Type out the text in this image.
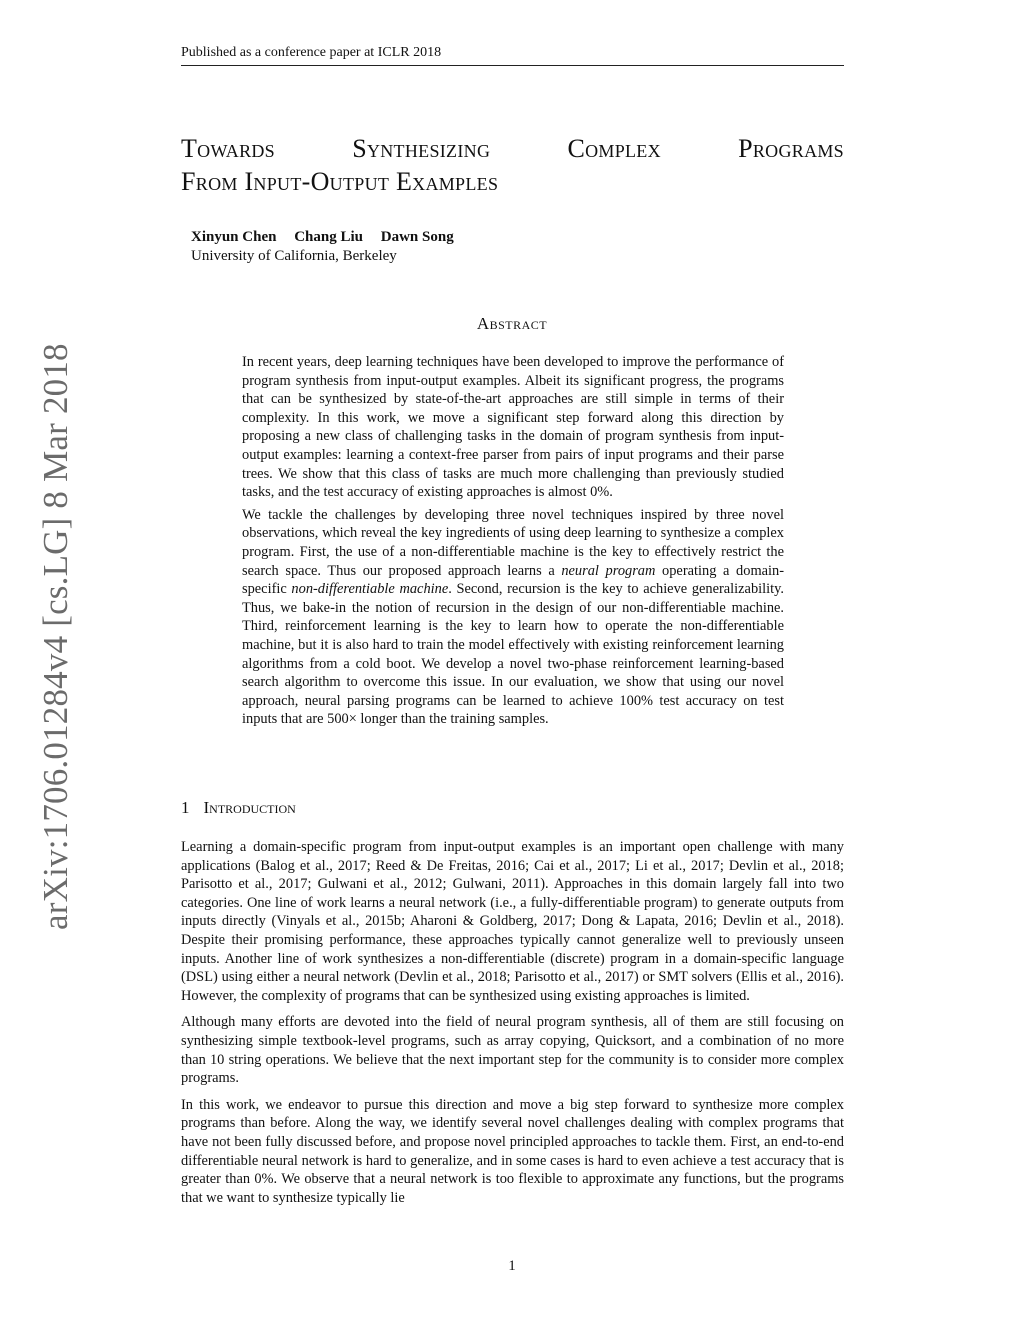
Published as a conference paper at ICLR 2018
arXiv:1706.01284v4 [cs.LG] 8 Mar 2018
Towards	Synthesizing	Complex	Programs
From Input-Output Examples
Xinyun Chen Chang Liu Dawn Song
University of California, Berkeley
Abstract

In recent years, deep learning techniques have been developed to improve the performance of program synthesis from input-output examples. Albeit its significant progress, the programs that can be synthesized by state-of-the-art approaches are still simple in terms of their complexity. In this work, we move a significant step forward along this direction by proposing a new class of challenging tasks in the domain of program synthesis from input-output examples: learning a context-free parser from pairs of input programs and their parse trees. We show that this class of tasks are much more challenging than previously studied tasks, and the test accuracy of existing approaches is almost 0%.

We tackle the challenges by developing three novel techniques inspired by three novel observations, which reveal the key ingredients of using deep learning to synthesize a complex program. First, the use of a non-differentiable machine is the key to effectively restrict the search space. Thus our proposed approach learns a neural program operating a domain-specific non-differentiable machine. Second, recursion is the key to achieve generalizability. Thus, we bake-in the notion of recursion in the design of our non-differentiable machine. Third, reinforcement learning is the key to learn how to operate the non-differentiable machine, but it is also hard to train the model effectively with existing reinforcement learning algorithms from a cold boot. We develop a novel two-phase reinforcement learning-based search algorithm to overcome this issue. In our evaluation, we show that using our novel approach, neural parsing programs can be learned to achieve 100% test accuracy on test inputs that are 500× longer than the training samples.

1 Introduction

Learning a domain-specific program from input-output examples is an important open challenge with many applications (Balog et al., 2017; Reed & De Freitas, 2016; Cai et al., 2017; Li et al., 2017; Devlin et al., 2018; Parisotto et al., 2017; Gulwani et al., 2012; Gulwani, 2011). Approaches in this domain largely fall into two categories. One line of work learns a neural network (i.e., a fully-differentiable program) to generate outputs from inputs directly (Vinyals et al., 2015b; Aharoni & Goldberg, 2017; Dong & Lapata, 2016; Devlin et al., 2018). Despite their promising performance, these approaches typically cannot generalize well to previously unseen inputs. Another line of work synthesizes a non-differentiable (discrete) program in a domain-specific language (DSL) using either a neural network (Devlin et al., 2018; Parisotto et al., 2017) or SMT solvers (Ellis et al., 2016). However, the complexity of programs that can be synthesized using existing approaches is limited.

Although many efforts are devoted into the field of neural program synthesis, all of them are still focusing on synthesizing simple textbook-level programs, such as array copying, Quicksort, and a combination of no more than 10 string operations. We believe that the next important step for the community is to consider more complex programs.

In this work, we endeavor to pursue this direction and move a big step forward to synthesize more complex programs than before. Along the way, we identify several novel challenges dealing with complex programs that have not been fully discussed before, and propose novel principled approaches to tackle them. First, an end-to-end differentiable neural network is hard to generalize, and in some cases is hard to even achieve a test accuracy that is greater than 0%. We observe that a neural network is too flexible to approximate any functions, but the programs that we want to synthesize typically lie

1
